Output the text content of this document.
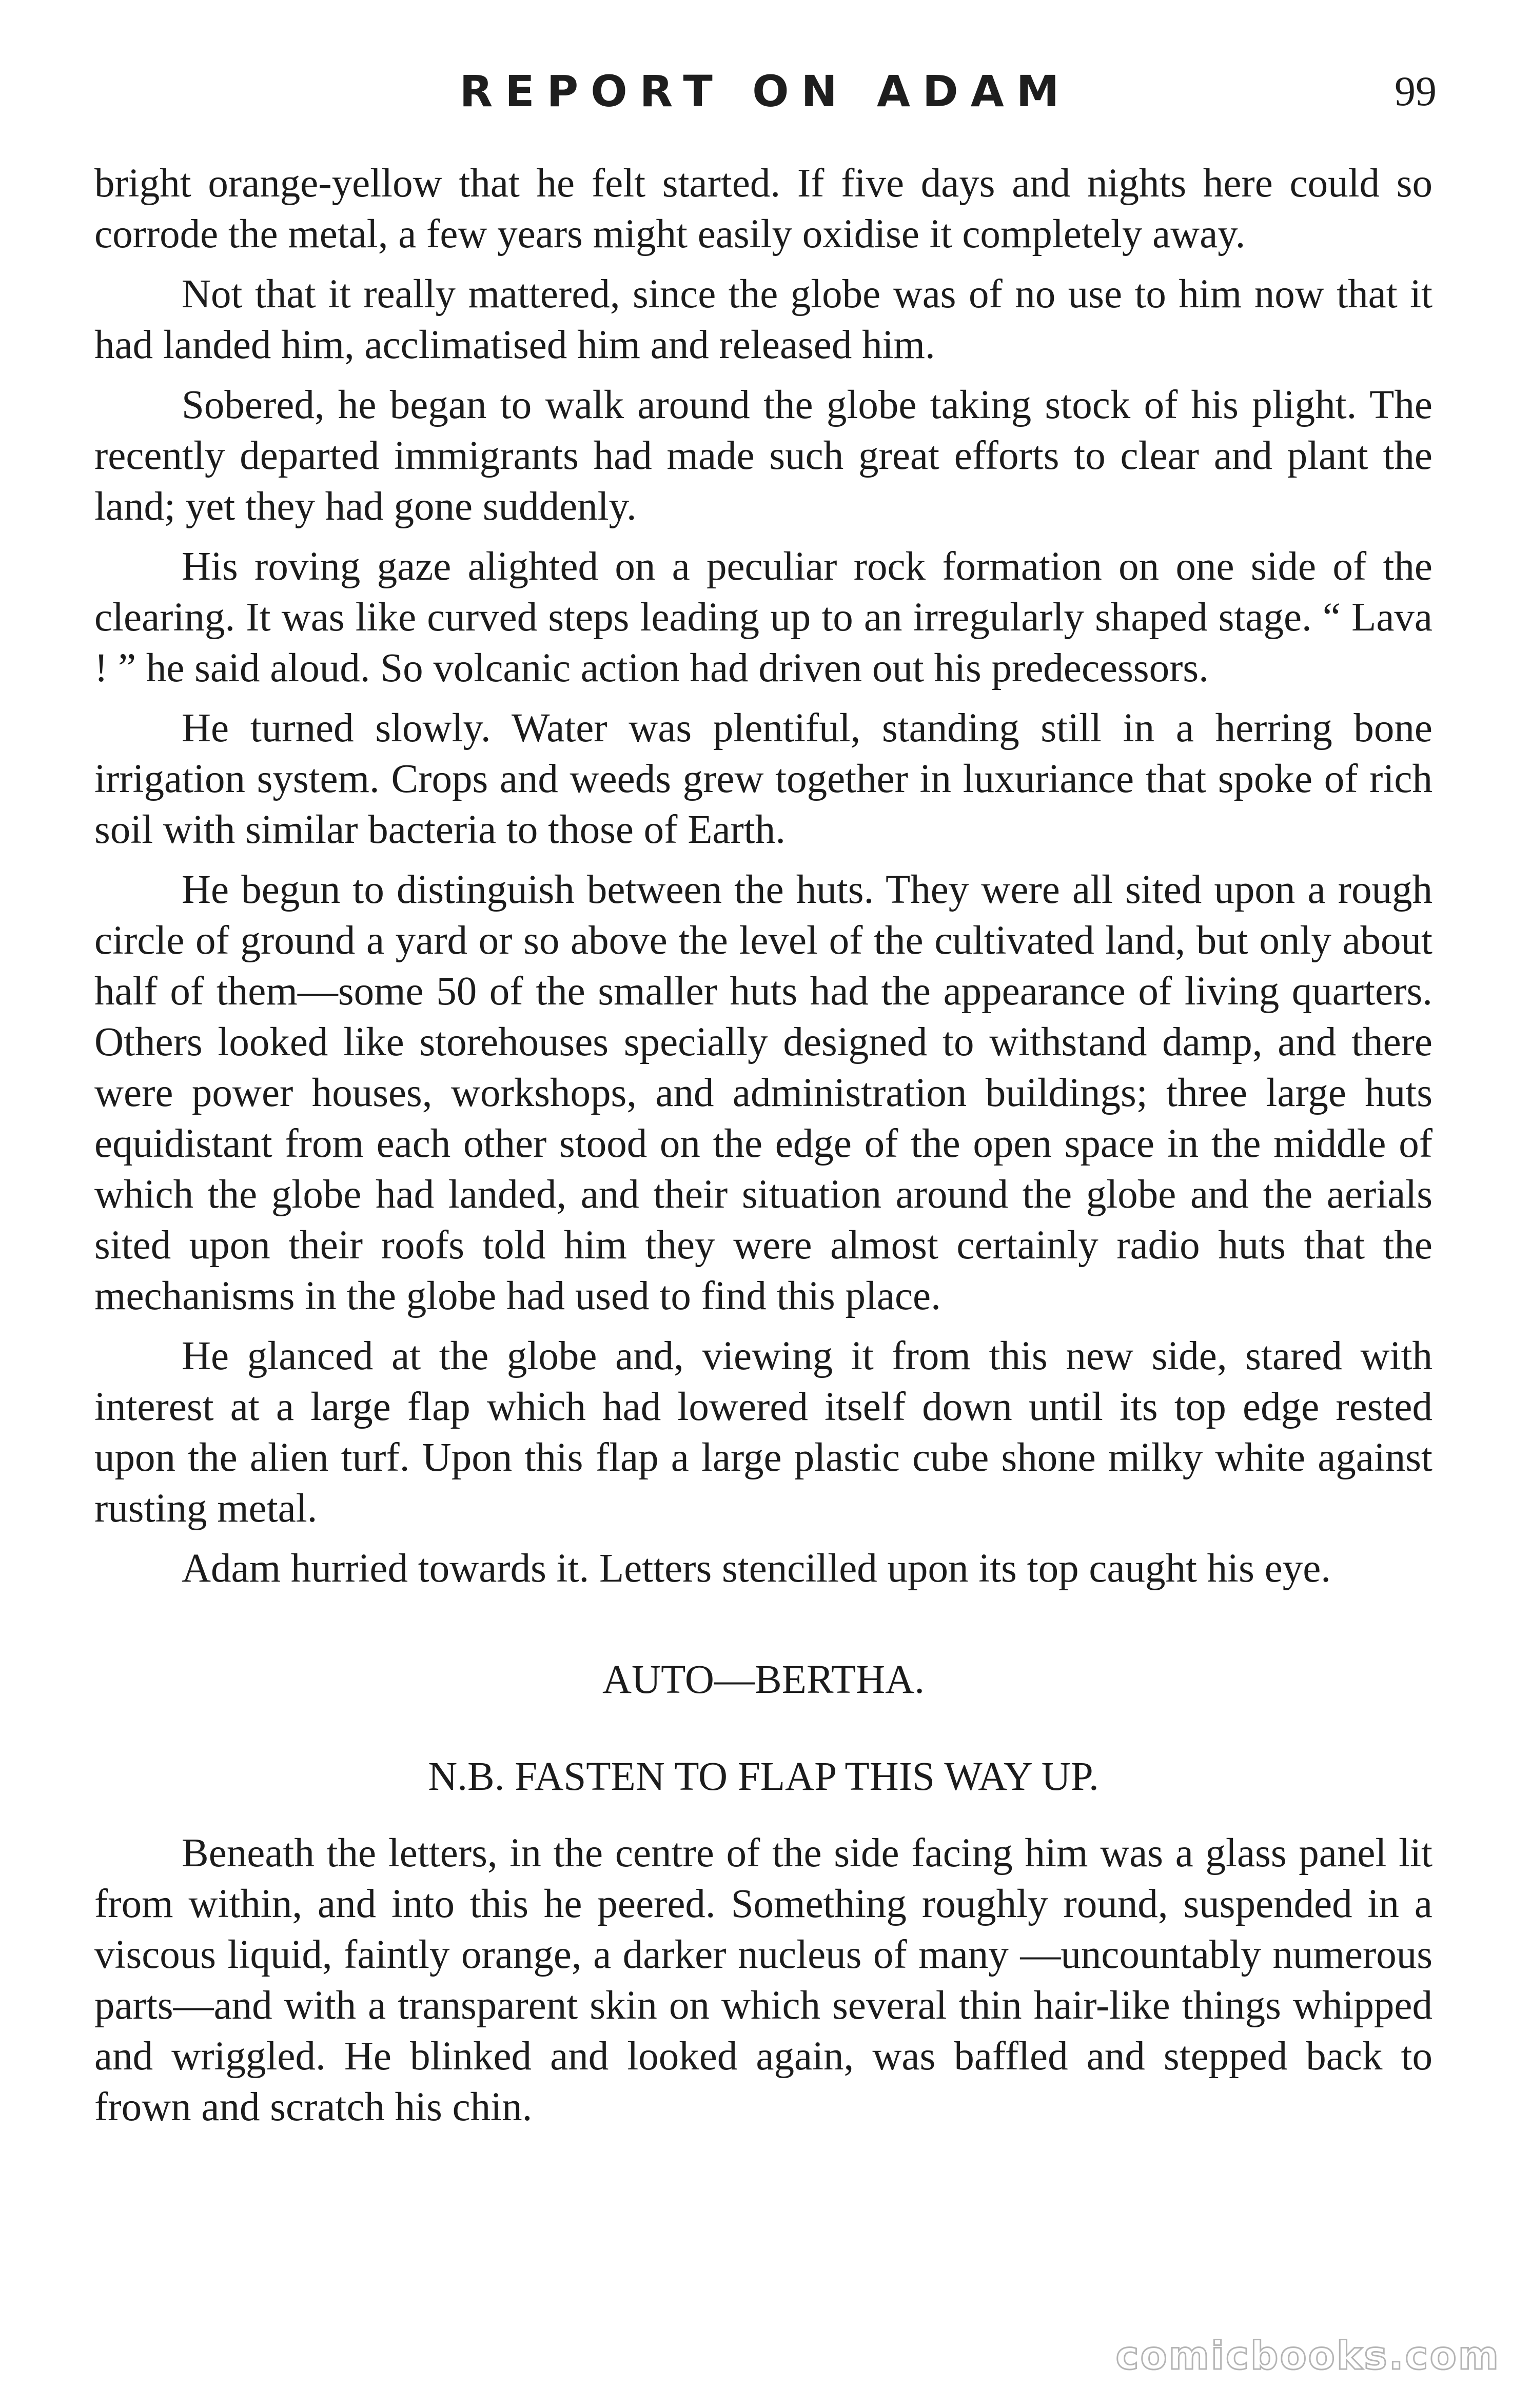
REPORT ON ADAM	99

bright orange-yellow that he felt started. If five days and nights here could so corrode the metal, a few years might easily oxidise it completely away.

Not that it really mattered, since the globe was of no use to him now that it had landed him, acclimatised him and released him.

Sobered, he began to walk around the globe taking stock of his plight. The recently departed immigrants had made such great efforts to clear and plant the land; yet they had gone suddenly.

His roving gaze alighted on a peculiar rock formation on one side of the clearing. It was like curved steps leading up to an irregularly shaped stage. “ Lava ! ” he said aloud. So volcanic action had driven out his predecessors.

He turned slowly. Water was plentiful, standing still in a herring bone irrigation system. Crops and weeds grew together in luxuriance that spoke of rich soil with similar bacteria to those of Earth.

He begun to distinguish between the huts. They were all sited upon a rough circle of ground a yard or so above the level of the cultivated land, but only about half of them—some 50 of the smaller huts had the appearance of living quarters. Others looked like storehouses specially designed to withstand damp, and there were power houses, workshops, and administration buildings; three large huts equidistant from each other stood on the edge of the open space in the middle of which the globe had landed, and their situation around the globe and the aerials sited upon their roofs told him they were almost certainly radio huts that the mechanisms in the globe had used to find this place.

He glanced at the globe and, viewing it from this new side, stared with interest at a large flap which had lowered itself down until its top edge rested upon the alien turf. Upon this flap a large plastic cube shone milky white against rusting metal.

Adam hurried towards it. Letters stencilled upon its top caught his eye.

AUTO—BERTHA.

N.B. FASTEN TO FLAP THIS WAY UP.

Beneath the letters, in the centre of the side facing him was a glass panel lit from within, and into this he peered. Something roughly round, suspended in a viscous liquid, faintly orange, a darker nucleus of many —uncountably numerous parts—and with a transparent skin on which several thin hair-like things whipped and wriggled. He blinked and looked again, was baffled and stepped back to frown and scratch his chin.

comicbooks.com
